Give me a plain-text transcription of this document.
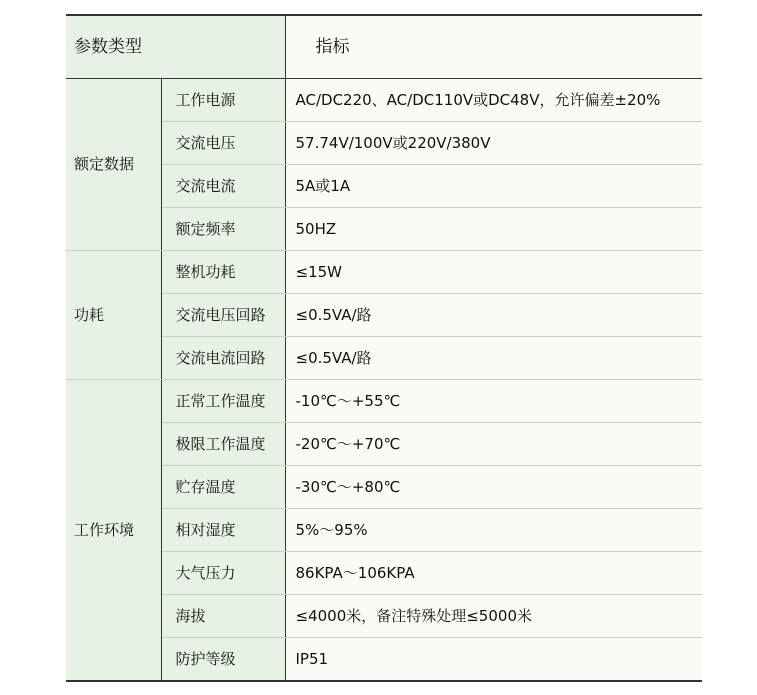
参数类型		指标
额定数据	工作电源	AC/DC220、AC/DC110V或DC48V，允许偏差±20%
	交流电压	57.74V/100V或220V/380V
	交流电流	5A或1A
	额定频率	50HZ
功耗	整机功耗	≤15W
	交流电压回路	≤0.5VA/路
	交流电流回路	≤0.5VA/路
工作环境	正常工作温度	-10℃～+55℃
	极限工作温度	-20℃～+70℃
	贮存温度	-30℃～+80℃
	相对湿度	5%～95%
	大气压力	86KPA～106KPA
	海拔	≤4000米，备注特殊处理≤5000米
	防护等级	IP51
